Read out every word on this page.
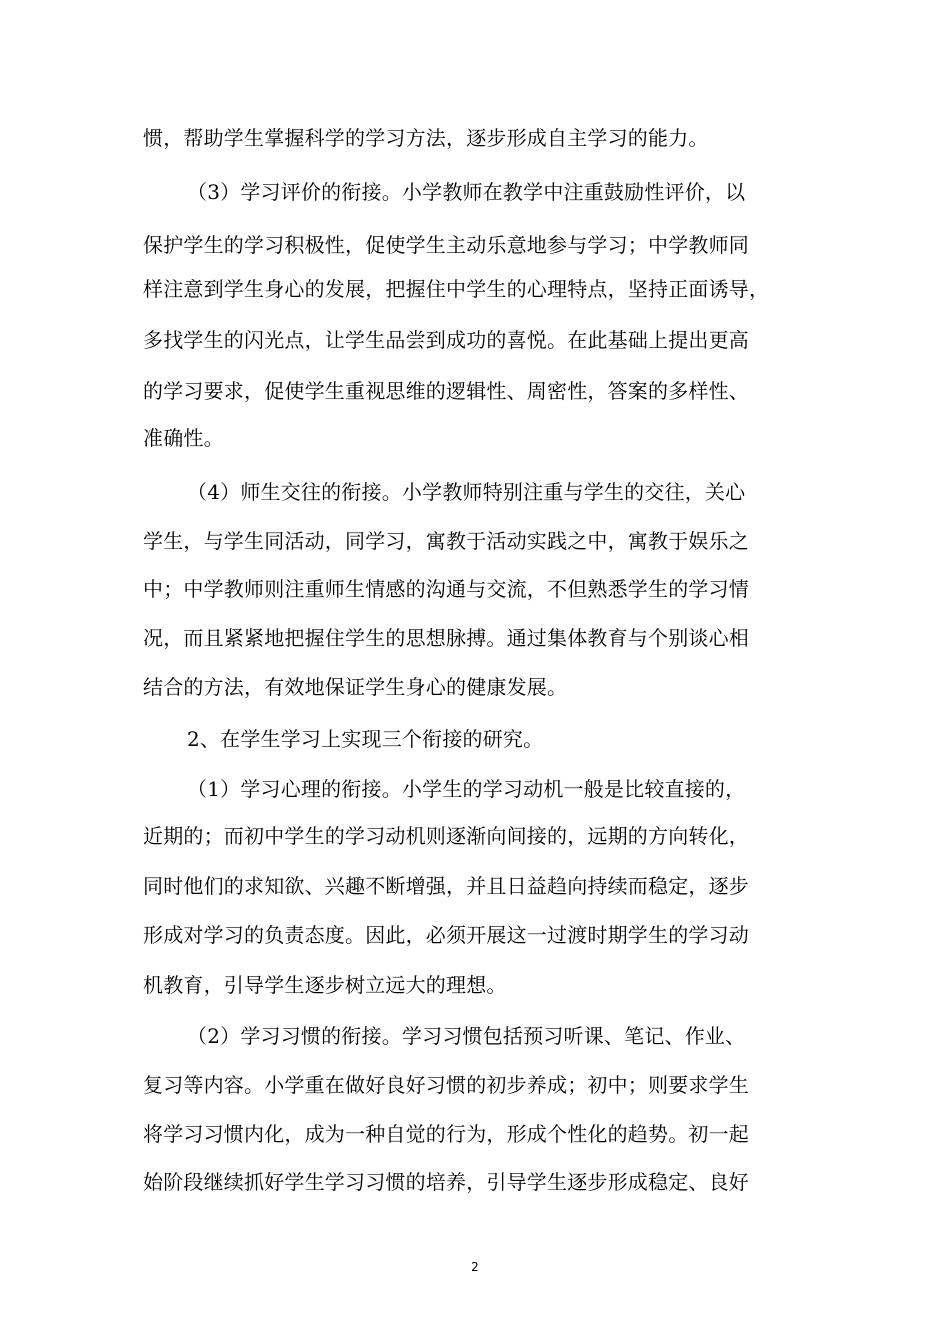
惯，帮助学生掌握科学的学习方法，逐步形成自主学习的能力。
（3）学习评价的衔接。小学教师在教学中注重鼓励性评价，以
保护学生的学习积极性，促使学生主动乐意地参与学习；中学教师同
样注意到学生身心的发展，把握住中学生的心理特点，坚持正面诱导，
多找学生的闪光点，让学生品尝到成功的喜悦。在此基础上提出更高
的学习要求，促使学生重视思维的逻辑性、周密性，答案的多样性、
准确性。
（4）师生交往的衔接。小学教师特别注重与学生的交往，关心
学生，与学生同活动，同学习，寓教于活动实践之中，寓教于娱乐之
中；中学教师则注重师生情感的沟通与交流，不但熟悉学生的学习情
况，而且紧紧地把握住学生的思想脉搏。通过集体教育与个别谈心相
结合的方法，有效地保证学生身心的健康发展。
2、在学生学习上实现三个衔接的研究。
（1）学习心理的衔接。小学生的学习动机一般是比较直接的，
近期的；而初中学生的学习动机则逐渐向间接的，远期的方向转化，
同时他们的求知欲、兴趣不断增强，并且日益趋向持续而稳定，逐步
形成对学习的负责态度。因此，必须开展这一过渡时期学生的学习动
机教育，引导学生逐步树立远大的理想。
（2）学习习惯的衔接。学习习惯包括预习听课、笔记、作业、
复习等内容。小学重在做好良好习惯的初步养成；初中；则要求学生
将学习习惯内化，成为一种自觉的行为，形成个性化的趋势。初一起
始阶段继续抓好学生学习习惯的培养，引导学生逐步形成稳定、良好
2
